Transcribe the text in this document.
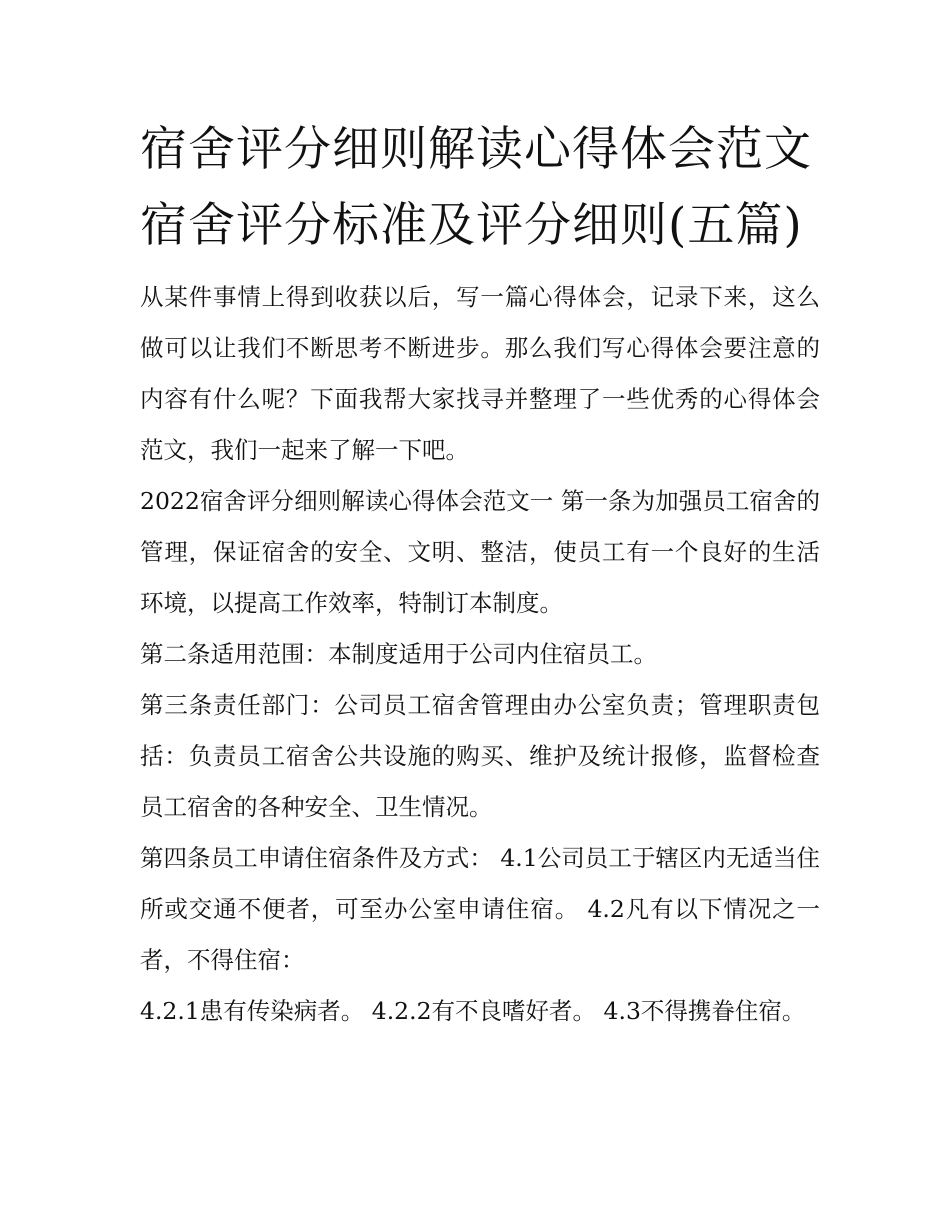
宿舍评分细则解读心得体会范文 宿舍评分标准及评分细则(五篇)

从某件事情上得到收获以后，写一篇心得体会，记录下来，这么做可以让我们不断思考不断进步。那么我们写心得体会要注意的内容有什么呢？下面我帮大家找寻并整理了一些优秀的心得体会范文，我们一起来了解一下吧。

2022宿舍评分细则解读心得体会范文一 第一条为加强员工宿舍的管理，保证宿舍的安全、文明、整洁，使员工有一个良好的生活环境，以提高工作效率，特制订本制度。

第二条适用范围：本制度适用于公司内住宿员工。

第三条责任部门：公司员工宿舍管理由办公室负责；管理职责包括：负责员工宿舍公共设施的购买、维护及统计报修，监督检查员工宿舍的各种安全、卫生情况。

第四条员工申请住宿条件及方式： 4.1公司员工于辖区内无适当住所或交通不便者，可至办公室申请住宿。 4.2凡有以下情况之一者，不得住宿：

4.2.1患有传染病者。 4.2.2有不良嗜好者。 4.3不得携眷住宿。
